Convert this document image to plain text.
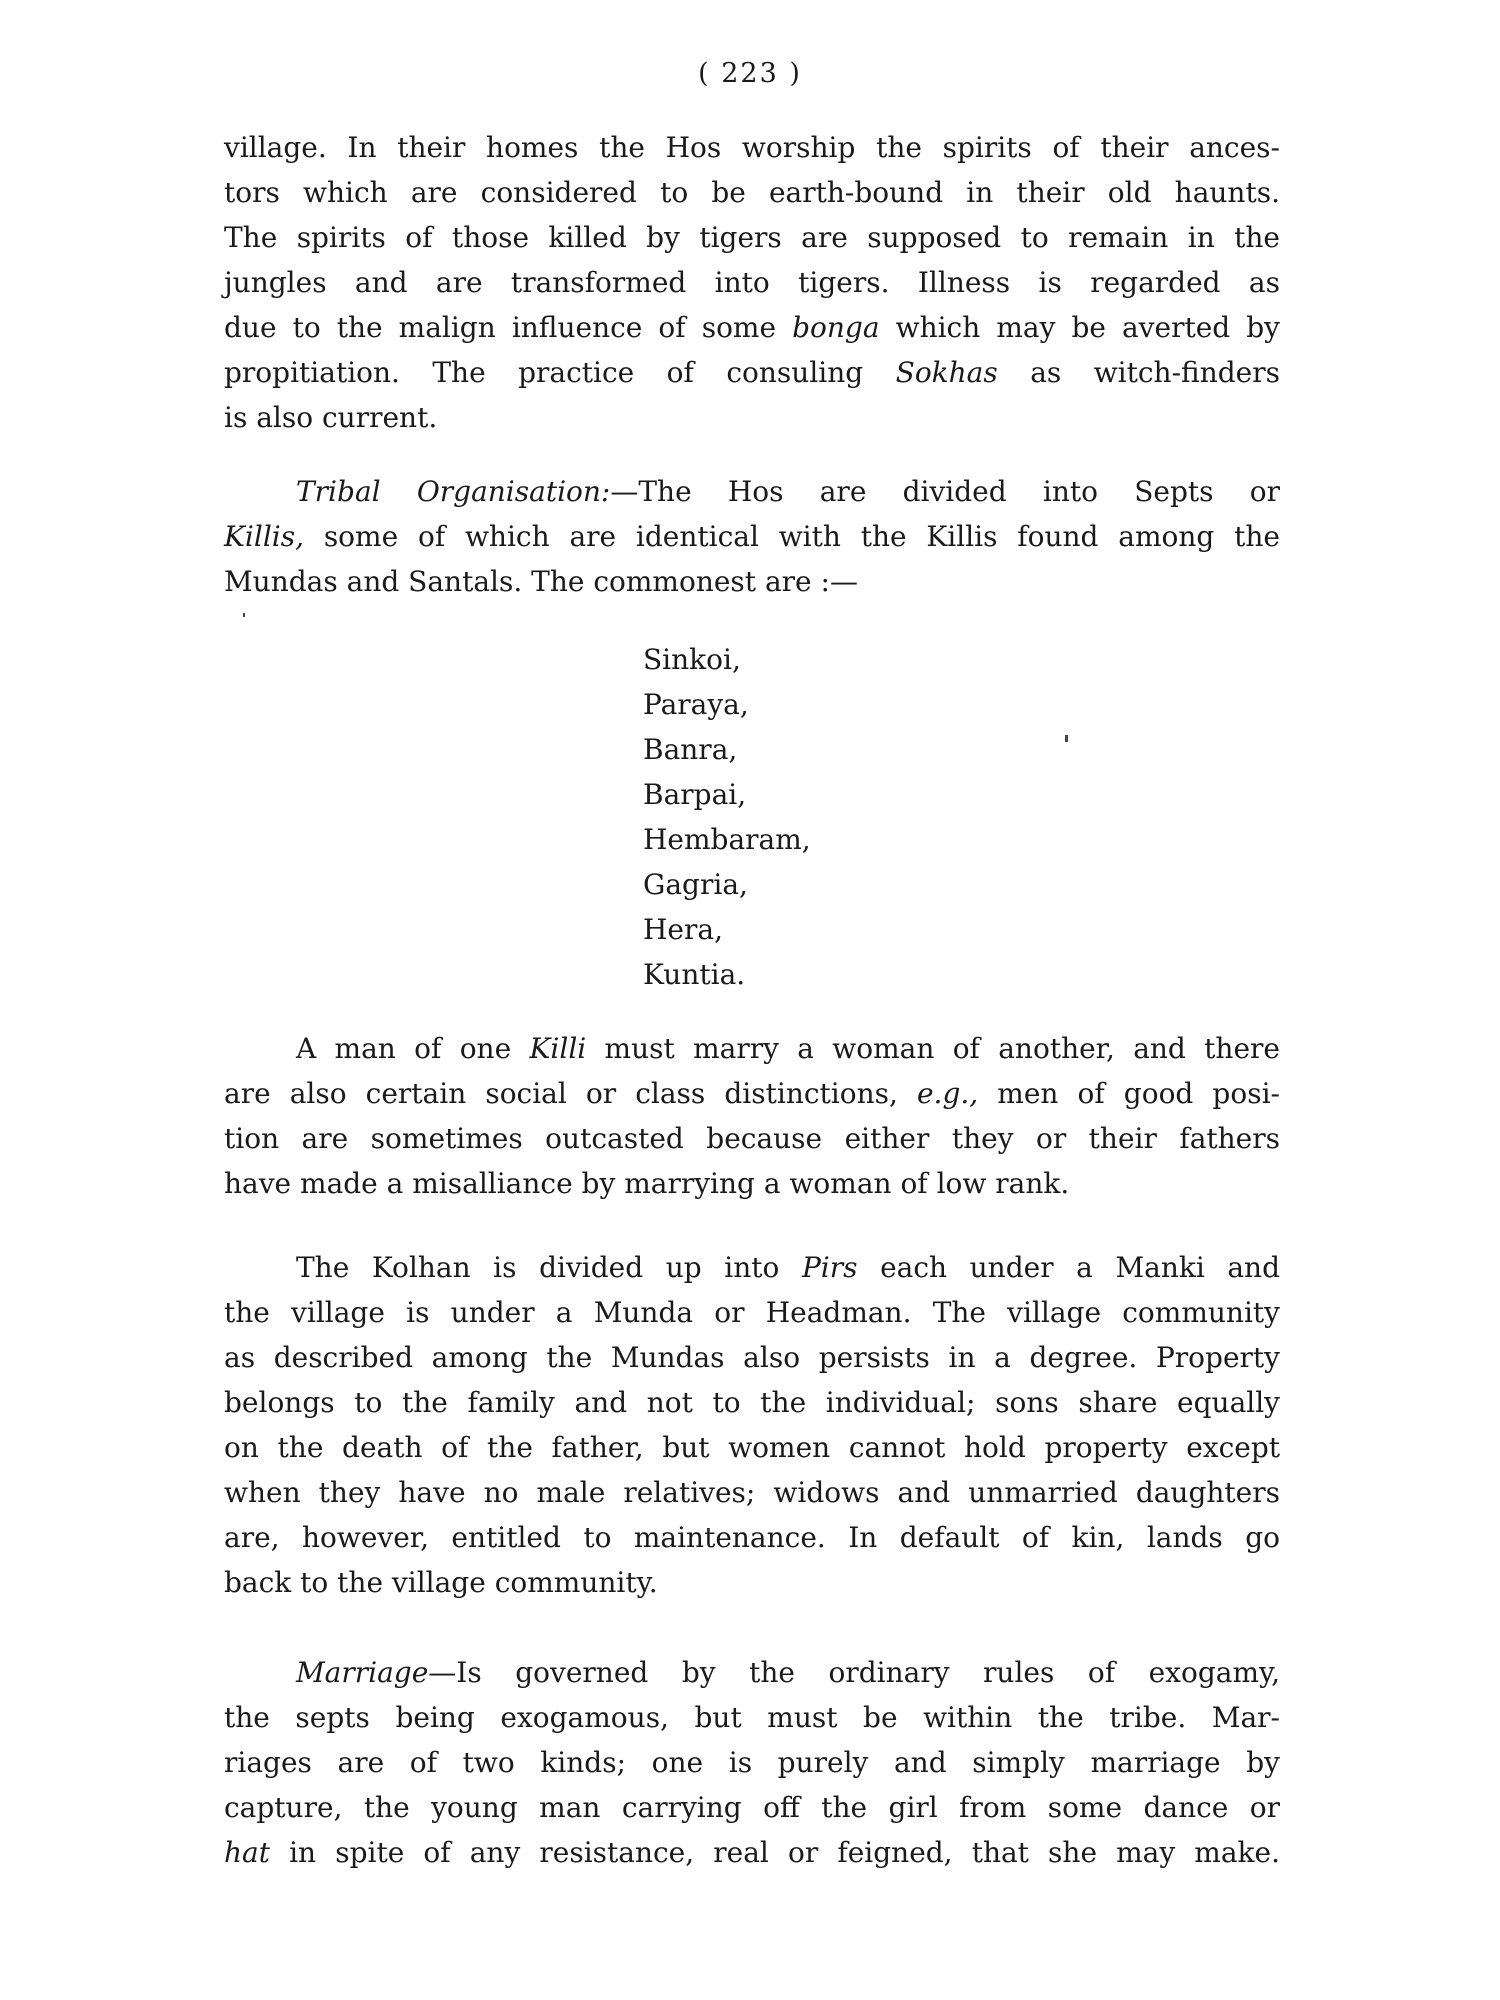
( 223 )
village. In their homes the Hos worship the spirits of their ances-
tors which are considered to be earth-bound in their old haunts.
The spirits of those killed by tigers are supposed to remain in the
jungles and are transformed into tigers. Illness is regarded as
due to the malign influence of some bonga which may be averted by
propitiation. The practice of consuling Sokhas as witch-finders
is also current.
Tribal Organisation:—The Hos are divided into Septs or
Killis, some of which are identical with the Killis found among the
Mundas and Santals. The commonest are :—
Sinkoi,
Paraya,
Banra,
Barpai,
Hembaram,
Gagria,
Hera,
Kuntia.
A man of one Killi must marry a woman of another, and there
are also certain social or class distinctions, e.g., men of good posi-
tion are sometimes outcasted because either they or their fathers
have made a misalliance by marrying a woman of low rank.
The Kolhan is divided up into Pirs each under a Manki and
the village is under a Munda or Headman. The village community
as described among the Mundas also persists in a degree. Property
belongs to the family and not to the individual; sons share equally
on the death of the father, but women cannot hold property except
when they have no male relatives; widows and unmarried daughters
are, however, entitled to maintenance. In default of kin, lands go
back to the village community.
Marriage—Is governed by the ordinary rules of exogamy,
the septs being exogamous, but must be within the tribe. Mar-
riages are of two kinds; one is purely and simply marriage by
capture, the young man carrying off the girl from some dance or
hat in spite of any resistance, real or feigned, that she may make.
